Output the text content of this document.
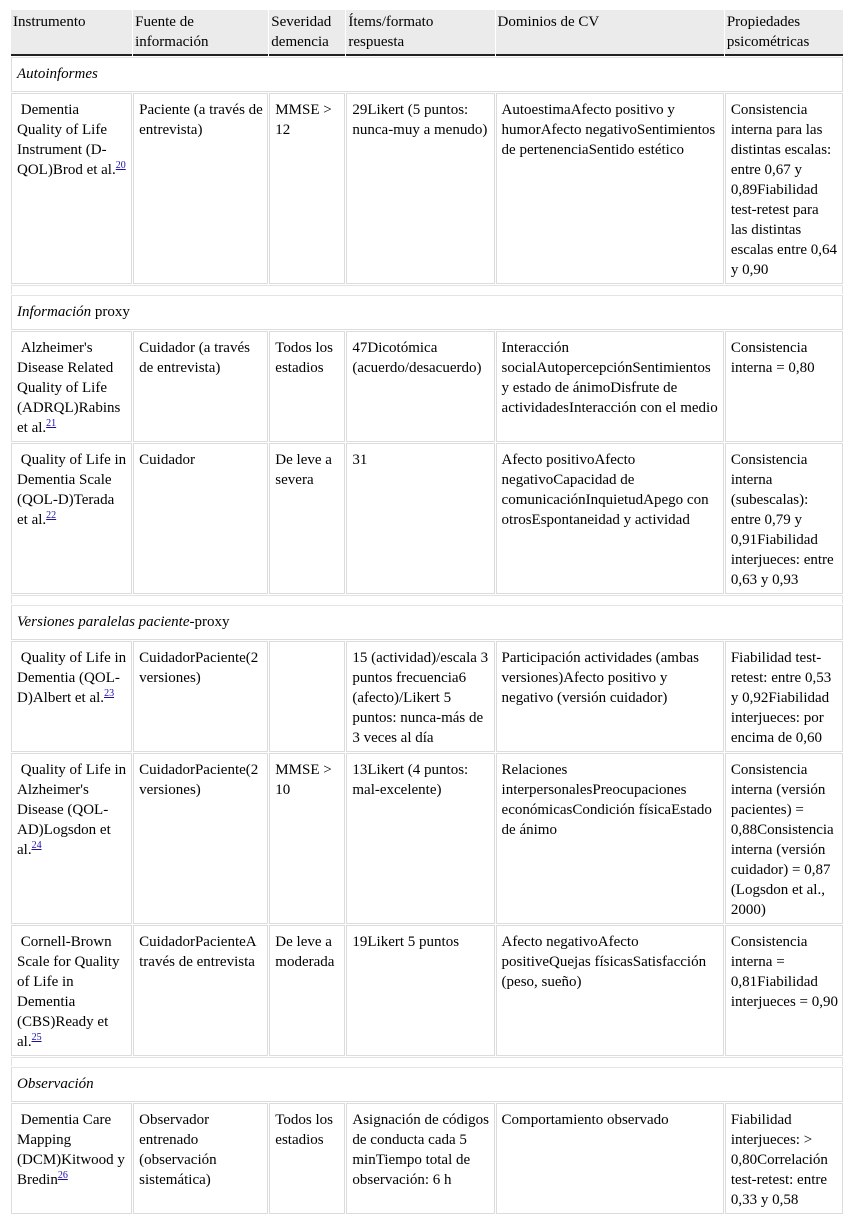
Instrumento	Fuente de información	Severidad demencia	Ítems/formato respuesta	Dominios de CV	Propiedades psicométricas
Autoinformes					
Dementia Quality of Life Instrument (D-QOL)Brod et al.$^{20}$	Paciente (a través de entrevista)	MMSE > 12	29Likert (5 puntos: nunca-muy a menudo)	AutoestimaAfecto positivo y humorAfecto negativoSentimientos de pertenenciaSentido estético	Consistencia interna para las distintas escalas: entre 0,67 y 0,89Fiabilidad test-retest para las distintas escalas entre 0,64 y 0,90

Información proxy					
Alzheimer's Disease Related Quality of Life (ADRQL)Rabins et al.$^{21}$	Cuidador (a través de entrevista)	Todos los estadios	47Dicotómica (acuerdo/desacuerdo)	Interacción socialAutopercepciónSentimientos y estado de ánimoDisfrute de actividadesInteracción con el medio	Consistencia interna = 0,80
Quality of Life in Dementia Scale (QOL-D)Terada et al.$^{22}$	Cuidador	De leve a severa	31	Afecto positivoAfecto negativoCapacidad de comunicaciónInquietudApego con otrosEspontaneidad y actividad	Consistencia interna (subescalas): entre 0,79 y 0,91Fiabilidad interjueces: entre 0,63 y 0,93

Versiones paralelas paciente-proxy					
Quality of Life in Dementia (QOL-D)Albert et al.$^{23}$	CuidadorPaciente(2 versiones)		15 (actividad)/escala 3 puntos frecuencia6 (afecto)/Likert 5 puntos: nunca-más de 3 veces al día	Participación actividades (ambas versiones)Afecto positivo y negativo (versión cuidador)	Fiabilidad test-retest: entre 0,53 y 0,92Fiabilidad interjueces: por encima de 0,60
Quality of Life in Alzheimer's Disease (QOL-AD)Logsdon et al.$^{24}$	CuidadorPaciente(2 versiones)	MMSE > 10	13Likert (4 puntos: mal-excelente)	Relaciones interpersonalesPreocupaciones económicasCondición físicaEstado de ánimo	Consistencia interna (versión pacientes) = 0,88Consistencia interna (versión cuidador) = 0,87 (Logsdon et al., 2000)
Cornell-Brown Scale for Quality of Life in Dementia (CBS)Ready et al.$^{25}$	CuidadorPacienteA través de entrevista	De leve a moderada	19Likert 5 puntos	Afecto negativoAfecto positiveQuejas físicasSatisfacción (peso, sueño)	Consistencia interna = 0,81Fiabilidad interjueces = 0,90

Observación					
Dementia Care Mapping (DCM)Kitwood y Bredin$^{26}$	Observador entrenado (observación sistemática)	Todos los estadios	Asignación de códigos de conducta cada 5 minTiempo total de observación: 6 h	Comportamiento observado	Fiabilidad interjueces: > 0,80Correlación test-retest: entre 0,33 y 0,58
